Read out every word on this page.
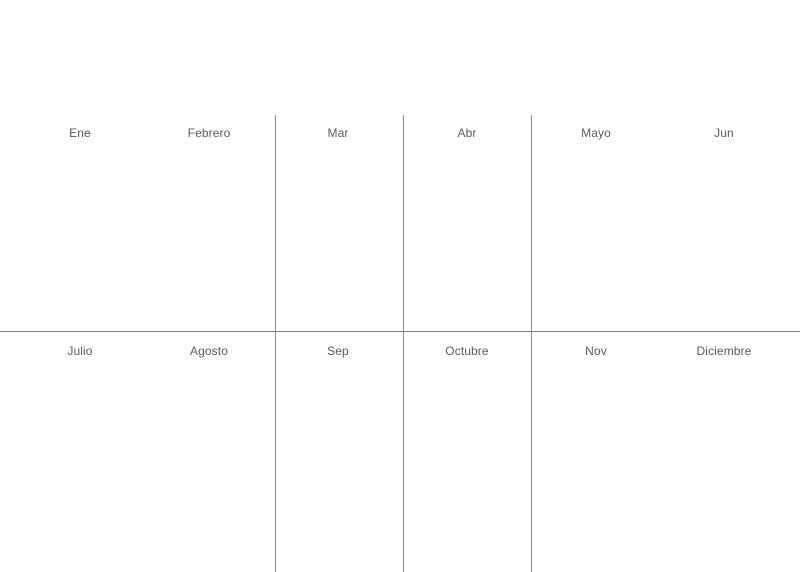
Ene	Febrero	Mar	Abr	Mayo	Jun
Julio	Agosto	Sep	Octubre	Nov	Diciembre
